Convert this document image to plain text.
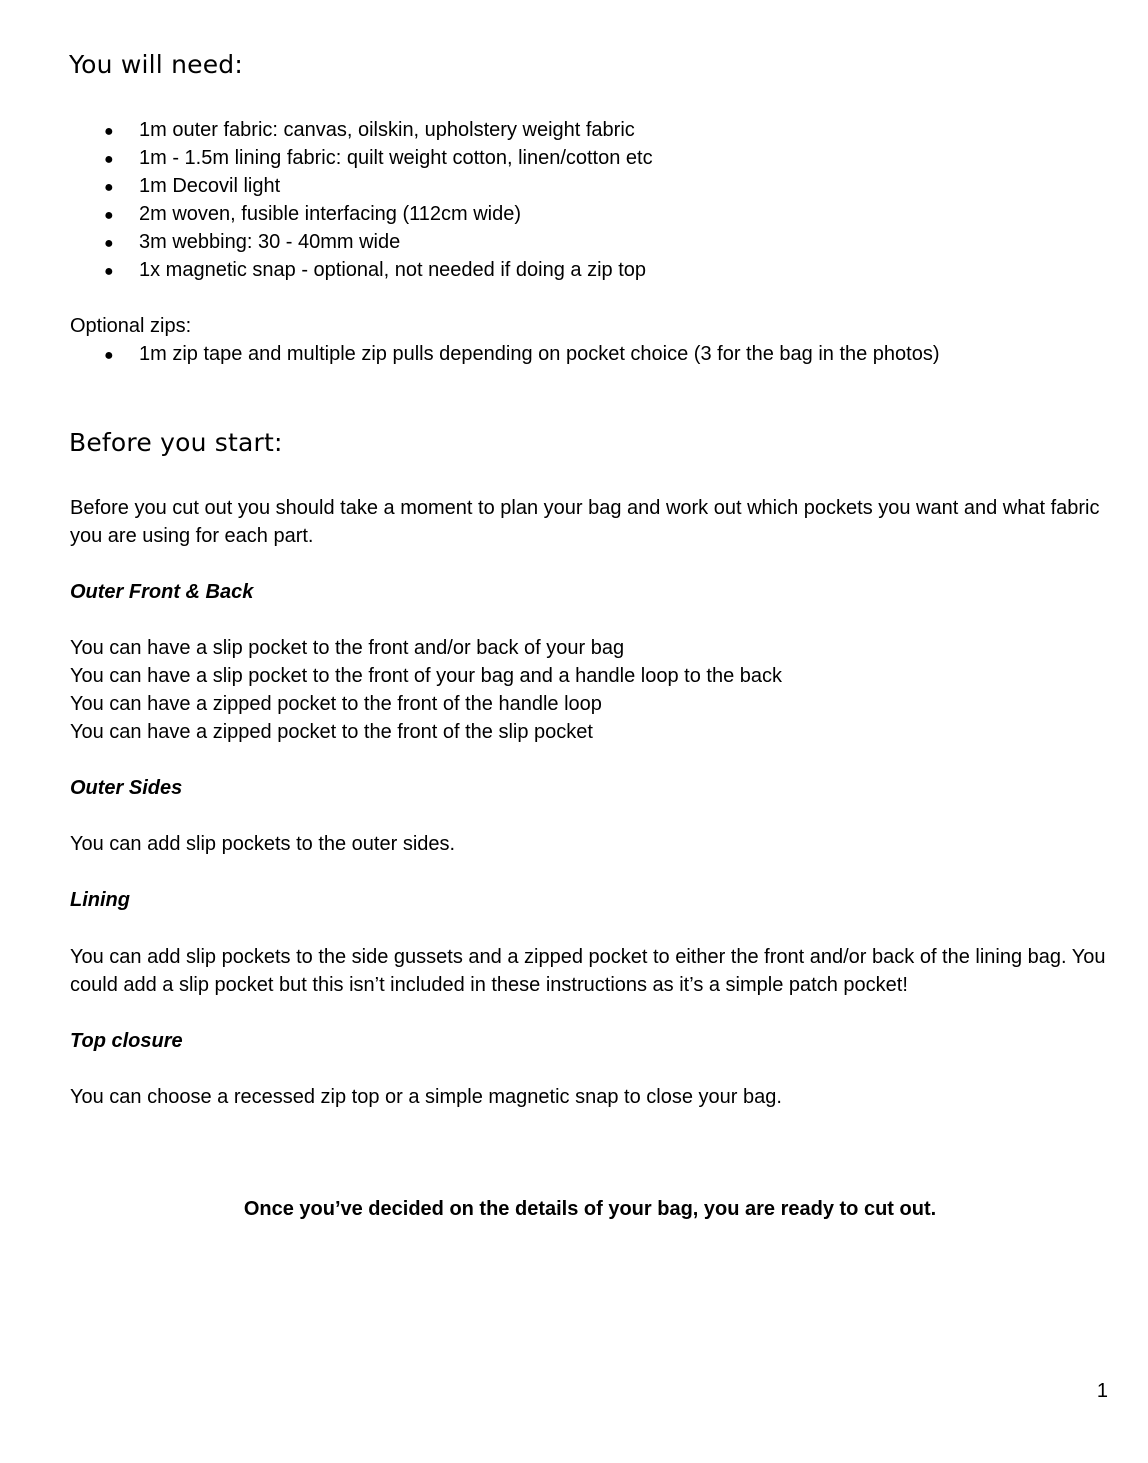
You will need:
● 1m outer fabric: canvas, oilskin, upholstery weight fabric
● 1m - 1.5m lining fabric: quilt weight cotton, linen/cotton etc
● 1m Decovil light
● 2m woven, fusible interfacing (112cm wide)
● 3m webbing: 30 - 40mm wide
● 1x magnetic snap - optional, not needed if doing a zip top

Optional zips:

● 1m zip tape and multiple zip pulls depending on pocket choice (3 for the bag in the photos)
Before you start:

Before you cut out you should take a moment to plan your bag and work out which pockets you want and what fabric you are using for each part.

Outer Front & Back

You can have a slip pocket to the front and/or back of your bag

You can have a slip pocket to the front of your bag and a handle loop to the back

You can have a zipped pocket to the front of the handle loop

You can have a zipped pocket to the front of the slip pocket

Outer Sides

You can add slip pockets to the outer sides.

Lining

You can add slip pockets to the side gussets and a zipped pocket to either the front and/or back of the lining bag. You could add a slip pocket but this isn’t included in these instructions as it’s a simple patch pocket!

Top closure

You can choose a recessed zip top or a simple magnetic snap to close your bag.

Once you’ve decided on the details of your bag, you are ready to cut out.

1
